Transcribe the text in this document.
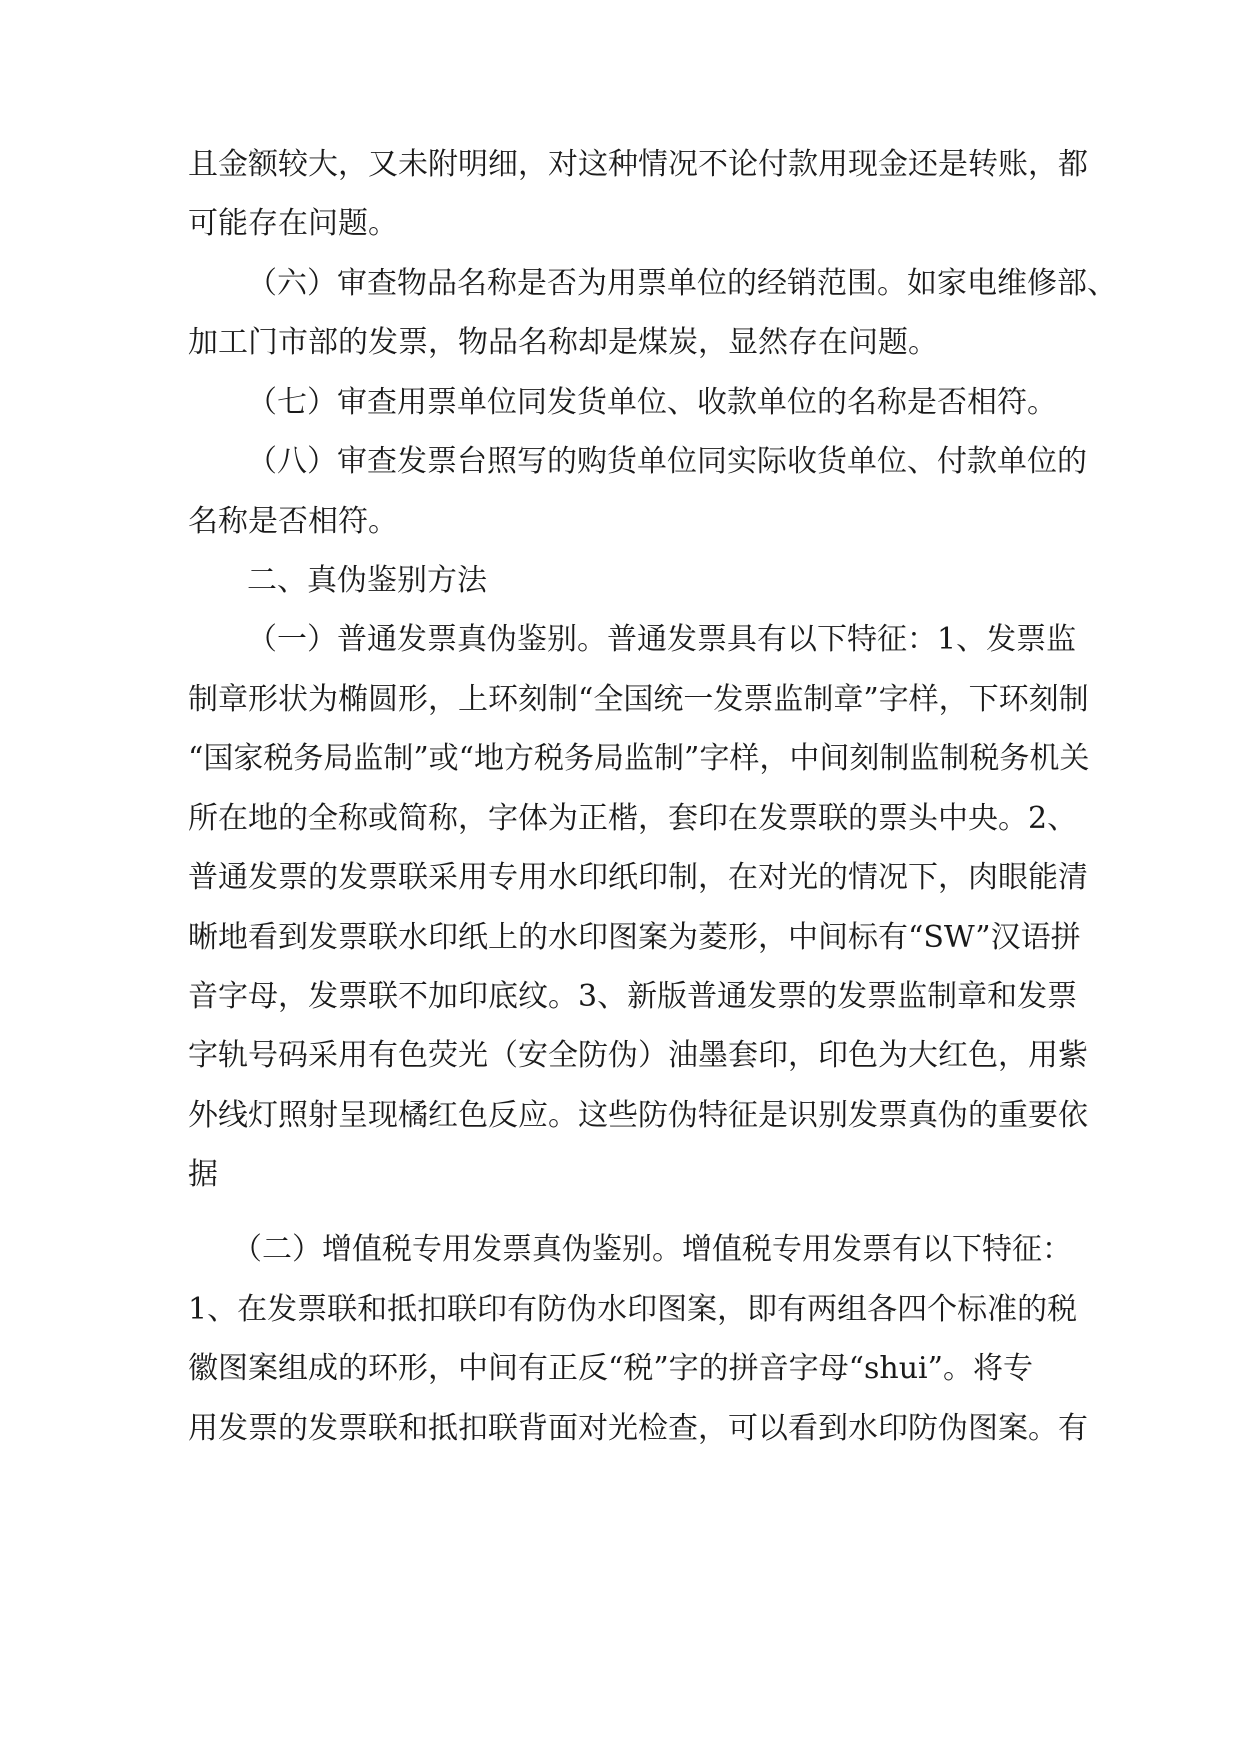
且金额较大，又未附明细，对这种情况不论付款用现金还是转账，都
可能存在问题。
（六）审查物品名称是否为用票单位的经销范围。如家电维修部、
加工门市部的发票，物品名称却是煤炭，显然存在问题。
（七）审查用票单位同发货单位、收款单位的名称是否相符。
（八）审查发票台照写的购货单位同实际收货单位、付款单位的
名称是否相符。
二、真伪鉴别方法
（一）普通发票真伪鉴别。普通发票具有以下特征：1、发票监
制章形状为椭圆形，上环刻制“全国统一发票监制章”字样，下环刻制
“国家税务局监制”或“地方税务局监制”字样，中间刻制监制税务机关
所在地的全称或简称，字体为正楷，套印在发票联的票头中央。2、
普通发票的发票联采用专用水印纸印制，在对光的情况下，肉眼能清
晰地看到发票联水印纸上的水印图案为菱形，中间标有“SW”汉语拼
音字母，发票联不加印底纹。3、新版普通发票的发票监制章和发票
字轨号码采用有色荧光（安全防伪）油墨套印，印色为大红色，用紫
外线灯照射呈现橘红色反应。这些防伪特征是识别发票真伪的重要依
据
（二）增值税专用发票真伪鉴别。增值税专用发票有以下特征：
1、在发票联和抵扣联印有防伪水印图案，即有两组各四个标准的税
徽图案组成的环形，中间有正反“税”字的拼音字母“shui”。将专
用发票的发票联和抵扣联背面对光检查，可以看到水印防伪图案。有
